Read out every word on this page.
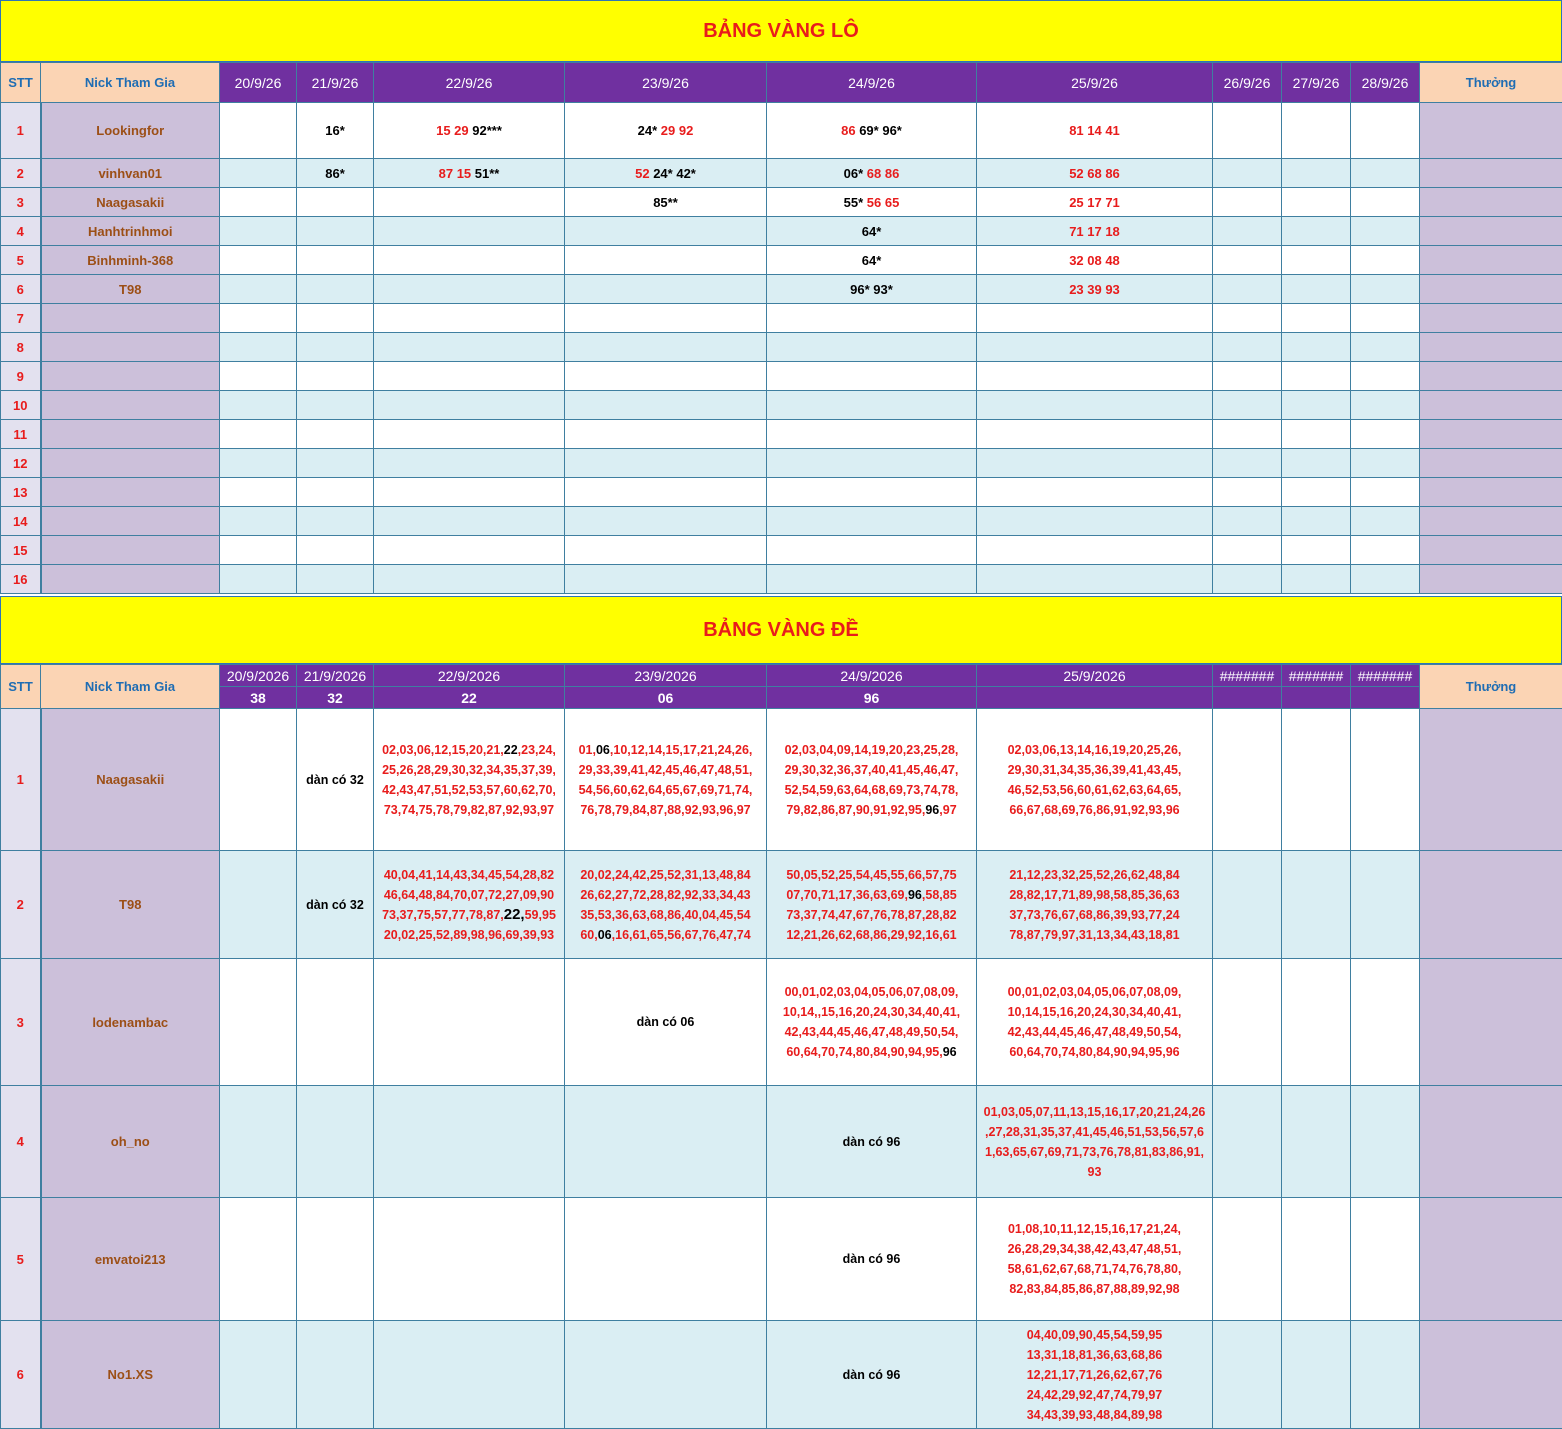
BẢNG VÀNG LÔ
STT	Nick Tham Gia	20/9/26	21/9/26	22/9/26	23/9/26	24/9/26	25/9/26	26/9/26	27/9/26	28/9/26	Thưởng
1	Lookingfor		16*	15 29 92***	24* 29 92	86 69* 96*	81 14 41				
2	vinhvan01		86*	87 15 51**	52 24* 42*	06* 68 86	52 68 86				
3	Naagasakii				85**	55* 56 65	25 17 71				
4	Hanhtrinhmoi					64*	71 17 18				
5	Binhminh-368					64*	32 08 48				
6	T98					96* 93*	23 39 93				
7											
8											
9											
10											
11											
12											
13											
14											
15											
16											
BẢNG VÀNG ĐỀ
STT	Nick Tham Gia	20/9/2026	21/9/2026	22/9/2026	23/9/2026	24/9/2026	25/9/2026	#######	#######	#######	Thưởng
		38	32	22	06	96					
1	Naagasakii		dàn có 32	02,03,06,12,15,20,21,22,23,24,
25,26,28,29,30,32,34,35,37,39,
42,43,47,51,52,53,57,60,62,70,
73,74,75,78,79,82,87,92,93,97	01,06,10,12,14,15,17,21,24,26,
29,33,39,41,42,45,46,47,48,51,
54,56,60,62,64,65,67,69,71,74,
76,78,79,84,87,88,92,93,96,97	02,03,04,09,14,19,20,23,25,28,
29,30,32,36,37,40,41,45,46,47,
52,54,59,63,64,68,69,73,74,78,
79,82,86,87,90,91,92,95,96,97	02,03,06,13,14,16,19,20,25,26,
29,30,31,34,35,36,39,41,43,45,
46,52,53,56,60,61,62,63,64,65,
66,67,68,69,76,86,91,92,93,96				
2	T98		dàn có 32	40,04,41,14,43,34,45,54,28,82
46,64,48,84,70,07,72,27,09,90
73,37,75,57,77,78,87,22,59,95
20,02,25,52,89,98,96,69,39,93	20,02,24,42,25,52,31,13,48,84
26,62,27,72,28,82,92,33,34,43
35,53,36,63,68,86,40,04,45,54
60,06,16,61,65,56,67,76,47,74	50,05,52,25,54,45,55,66,57,75
07,70,71,17,36,63,69,96,58,85
73,37,74,47,67,76,78,87,28,82
12,21,26,62,68,86,29,92,16,61	21,12,23,32,25,52,26,62,48,84
28,82,17,71,89,98,58,85,36,63
37,73,76,67,68,86,39,93,77,24
78,87,79,97,31,13,34,43,18,81				
3	lodenambac				dàn có 06	00,01,02,03,04,05,06,07,08,09,
10,14,,15,16,20,24,30,34,40,41,
42,43,44,45,46,47,48,49,50,54,
60,64,70,74,80,84,90,94,95,96	00,01,02,03,04,05,06,07,08,09,
10,14,15,16,20,24,30,34,40,41,
42,43,44,45,46,47,48,49,50,54,
60,64,70,74,80,84,90,94,95,96				
4	oh_no					dàn có 96	01,03,05,07,11,13,15,16,17,20,21,24,26
,27,28,31,35,37,41,45,46,51,53,56,57,6
1,63,65,67,69,71,73,76,78,81,83,86,91,
93				
5	emvatoi213					dàn có 96	01,08,10,11,12,15,16,17,21,24,
26,28,29,34,38,42,43,47,48,51,
58,61,62,67,68,71,74,76,78,80,
82,83,84,85,86,87,88,89,92,98				
6	No1.XS					dàn có 96	04,40,09,90,45,54,59,95
13,31,18,81,36,63,68,86
12,21,17,71,26,62,67,76
24,42,29,92,47,74,79,97
34,43,39,93,48,84,89,98				
